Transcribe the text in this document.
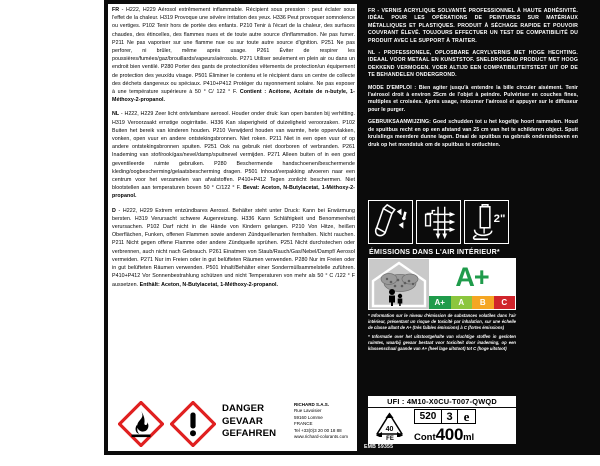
FR - H222, H229 Aérosol extrêmement inflammable. Récipient sous pression : peut éclater sous l'effet de la chaleur. H319 Provoque une sévère irritation des yeux. H336 Peut provoquer somnolence ou vertiges. P102 Tenir hors de portée des enfants. P210 Tenir à l'écart de la chaleur, des surfaces chaudes, des étincelles, des flammes nues et de toute autre source d'inflammation. Ne pas fumer. P211 Ne pas vaporiser sur une flamme nue ou sur toute autre source d'ignition. P251 Ne pas perforer, ni brûler, même après usage. P261 Éviter de respirer les poussières/fumées/gaz/brouillards/vapeurs/aérosols. P271 Utiliser seulement en plein air ou dans un endroit bien ventilé. P280 Porter des gants de protection/des vêtements de protection/un équipement de protection des yeux/du visage. P501 Éliminer le contenu et le récipient dans un centre de collecte des déchets dangereux ou spéciaux. P410+P412 Protéger du rayonnement solaire. Ne pas exposer à une température supérieure à 50 ° C/ 122 ° F. Contient : Acétone, Acétate de n-butyle, 1-Méthoxy-2-propanol.

NL - H222, H229 Zeer licht ontvlambare aerosol. Houder onder druk: kan open barsten bij verhitting. H319 Veroorzaakt ernstige oogirritatie. H336 Kan slaperigheid of duizeligheid veroorzaken. P102 Buiten het bereik van kinderen houden. P210 Verwijderd houden van warmte, hete oppervlakken, vonken, open vuur en andere ontstekingsbronnen. Niet roken. P211 Niet in een open vuur of op andere ontstekingsbronnen spuiten. P251 Ook na gebruik niet doorboren of verbranden. P261 Inademing van stof/rook/gas/nevel/damp/spuitnevel vermijden. P271 Alleen buiten of in een goed geventileerde ruimte gebruiken. P280 Beschermende handschoenen/beschermende kleding/oogbescherming/gelaatsbescherming dragen. P501 Inhoud/verpakking afvoeren naar een centrum voor het verzamelen van afvalstoffen. P410+P412 Tegen zonlicht beschermen. Niet blootstellen aan temperaturen boven 50 ° C/122 ° F. Bevat: Aceton, N-Butylacetat, 1-Méthoxy-2-propanol.

D - H222, H229 Extrem entzündbares Aerosol. Behälter steht unter Druck: Kann bei Erwärmung bersten. H319 Verursacht schwere Augenreizung. H336 Kann Schläfrigkeit und Benommenheit verursachen. P102 Darf nicht in die Hände von Kindern gelangen. P210 Von Hitze, heißen Oberflächen, Funken, offenen Flammen sowie anderen Zündquellenarten fernhalten. Nicht rauchen. P211 Nicht gegen offene Flamme oder andere Zündquelle sprühen. P251 Nicht durchstechen oder verbrennen, auch nicht nach Gebrauch. P261 Einatmen von Staub/Rauch/Gas/Nebel/Dampf/ Aerosol vermeiden. P271 Nur im Freien oder in gut belüfteten Räumen verwenden. P280 Nur im Freien oder in gut belüfteten Räumen verwenden. P501 Inhalt/Behälter einer Sondermüllsammelstelle zuführen. P410+P412 Vor Sonnenbestrahlung schützen und nicht Temperaturen von mehr als 50 ° C /122 ° F aussetzen. Enthält: Aceton, N-Butylacetat, 1-Méthoxy-2-propanol.

DANGER
GEVAAR
GEFAHREN
RICHARD S.A.S.
Rue Lavoisier
59160 Lomme
FRANCE
Tel +33(0)3 20 00 18 88
www.richard-colorants.com

FR - VERNIS ACRYLIQUE SOLVANTÉ PROFESSIONNEL À HAUTE ADHÉSIVITÉ. IDÉAL POUR LES OPÉRATIONS DE PEINTURES SUR MATÉRIAUX MÉTALLIQUES ET PLASTIQUES. PRODUIT À SÉCHAGE RAPIDE ET POUVOIR COUVRANT ÉLEVÉ. TOUJOURS EFFECTUER UN TEST DE COMPATIBILITÉ DU PRODUIT AVEC LE SUPPORT À TRAITER.

NL - PROFESSIONELE, OPLOSBARE ACRYLVERNIS MET HOGE HECHTING. IDEAAL VOOR METAAL EN KUNSTSTOF. SNELDROGEND PRODUCT MET HOOG DEKKEND VERMOGEN. VOER ALTIJD EEN COMPATIBILITEITSTEST UIT OP DE TE BEHANDELEN ONDERGROND.

MODE D'EMPLOI : Bien agiter jusqu'à entendre la bille circuler aisément. Tenir l'aérosol droit à environ 25cm de l'objet à peindre. Pulvériser en couches fines, multiples et croisées. Après usage, retourner l'aérosol et appuyer sur le diffuseur pour le purger.

GEBRUIKSAANWIJZING: Goed schudden tot u het kogeltje hoort rammelen. Houd de spuitbus recht en op een afstand van 25 cm van het te schilderen object. Spuit kruislings meerdere dunne lagen. Draai de spuitbus na gebruik ondersteboven en druk op het mondstuk om de spuitbus te ontluchten.

2"
ÉMISSIONS DANS L'AIR INTÉRIEUR*
A+
A+	A	B	C
* Information sur le niveau d'émission de substances volatiles dans l'air intérieur, présentant un risque de toxicité par inhalation, sur une échelle de classe allant de A+ (très faibles émissions) à C (fortes émissions)
* Informatie over het uitstootgehalte van vluchtige stoffen in gesloten ruimtes, waarbij gevaar bestaat voor toxiciteit door inademing, op een klassenschaal gaande van A+ (heel lage uitstoot) tot C (hoge uitstoot)
UFI : 4M10-X0CU-T007-QWQD
40
FE
520 3 e
Cont 400 ml
EMB 59355
